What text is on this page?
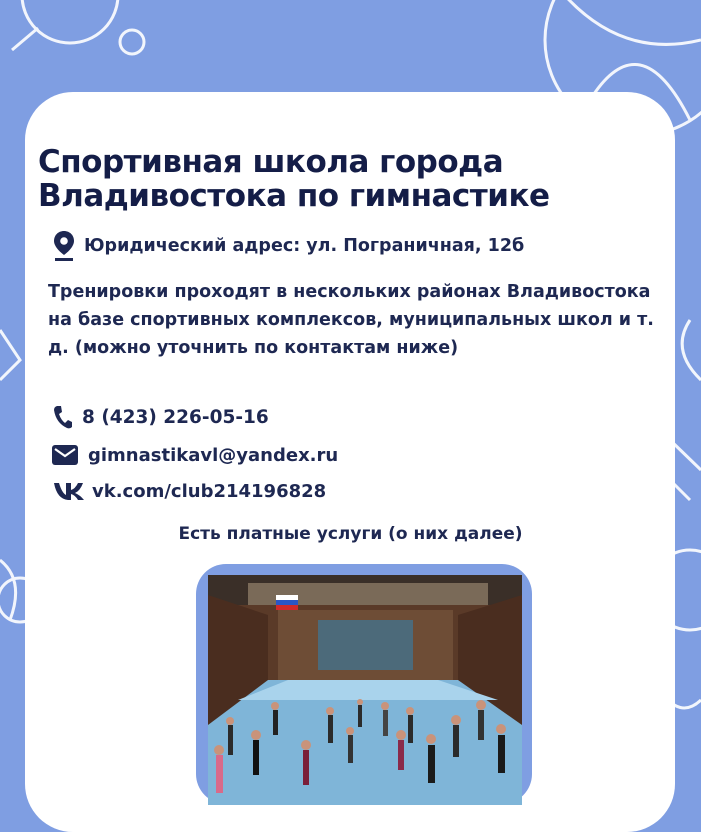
Спортивная школа города
Владивостока по гимнастике
Юридический адрес: ул. Пограничная, 12б
Тренировки проходят в нескольких районах Владивостока на базе спортивных комплексов, муниципальных школ и т. д. (можно уточнить по контактам ниже)
8 (423) 226-05-16
gimnastikavl@yandex.ru
vk.com/club214196828
Есть платные услуги (о них далее)
